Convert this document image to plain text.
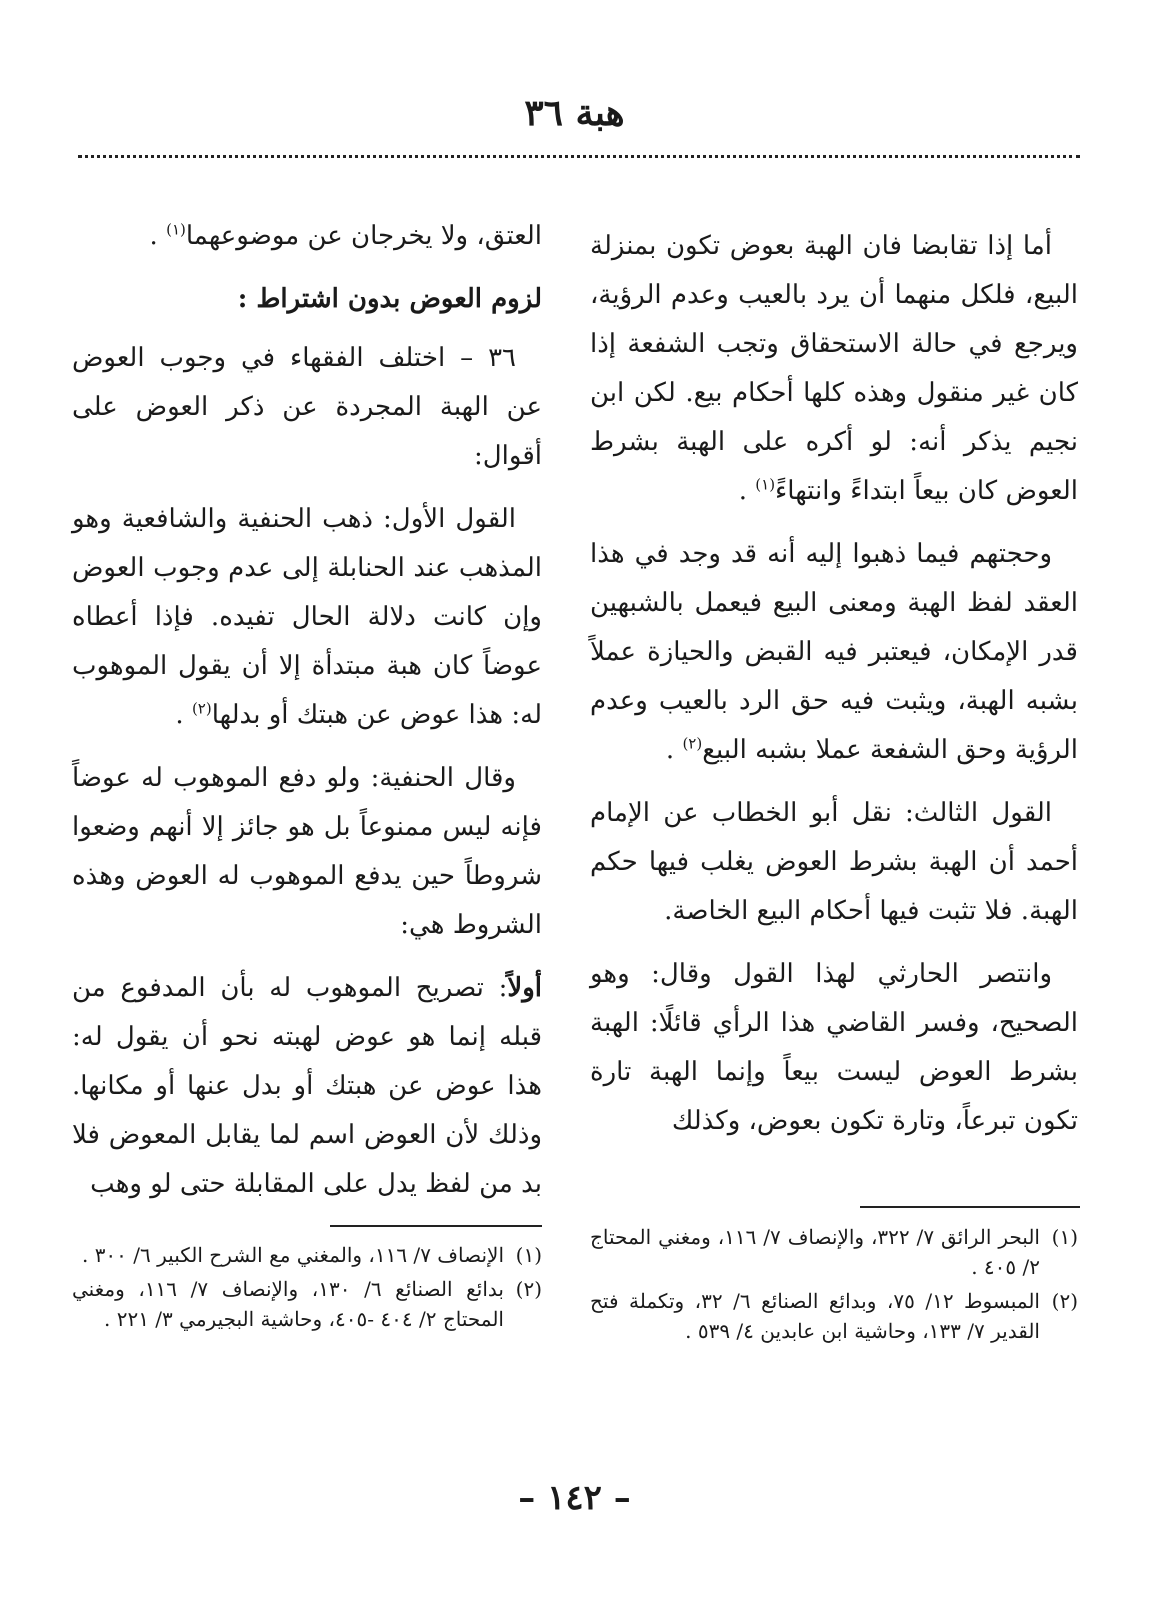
هبة ٣٦

أما إذا تقابضا فان الهبة بعوض تكون بمنزلة البيع، فلكل منهما أن يرد بالعيب وعدم الرؤية، ويرجع في حالة الاستحقاق وتجب الشفعة إذا كان غير منقول وهذه كلها أحكام بيع. لكن ابن نجيم يذكر أنه: لو أكره على الهبة بشرط العوض كان بيعاً ابتداءً وانتهاءً$^{(١)}$ .

وحجتهم فيما ذهبوا إليه أنه قد وجد في هذا العقد لفظ الهبة ومعنى البيع فيعمل بالشبهين قدر الإمكان، فيعتبر فيه القبض والحيازة عملاً بشبه الهبة، ويثبت فيه حق الرد بالعيب وعدم الرؤية وحق الشفعة عملا بشبه البيع$^{(٢)}$ .

القول الثالث: نقل أبو الخطاب عن الإمام أحمد أن الهبة بشرط العوض يغلب فيها حكم الهبة. فلا تثبت فيها أحكام البيع الخاصة.

وانتصر الحارثي لهذا القول وقال: وهو الصحيح، وفسر القاضي هذا الرأي قائلًا: الهبة بشرط العوض ليست بيعاً وإنما الهبة تارة تكون تبرعاً، وتارة تكون بعوض، وكذلك

(١)
البحر الرائق ٧/ ٣٢٢، والإنصاف ٧/ ١١٦، ومغني المحتاج ٢/ ٤٠٥ .
(٢)
المبسوط ١٢/ ٧٥، وبدائع الصنائع ٦/ ٣٢، وتكملة فتح القدير ٧/ ١٣٣، وحاشية ابن عابدين ٤/ ٥٣٩ .

العتق، ولا يخرجان عن موضوعهما$^{(١)}$ .

لزوم العوض بدون اشتراط :

٣٦ – اختلف الفقهاء في وجوب العوض عن الهبة المجردة عن ذكر العوض على أقوال:

القول الأول: ذهب الحنفية والشافعية وهو المذهب عند الحنابلة إلى عدم وجوب العوض وإن كانت دلالة الحال تفيده. فإذا أعطاه عوضاً كان هبة مبتدأة إلا أن يقول الموهوب له: هذا عوض عن هبتك أو بدلها$^{(٢)}$ .

وقال الحنفية: ولو دفع الموهوب له عوضاً فإنه ليس ممنوعاً بل هو جائز إلا أنهم وضعوا شروطاً حين يدفع الموهوب له العوض وهذه الشروط هي:

أولاً: تصريح الموهوب له بأن المدفوع من قبله إنما هو عوض لهبته نحو أن يقول له: هذا عوض عن هبتك أو بدل عنها أو مكانها. وذلك لأن العوض اسم لما يقابل المعوض فلا بد من لفظ يدل على المقابلة حتى لو وهب

(١)
الإنصاف ٧/ ١١٦، والمغني مع الشرح الكبير ٦/ ٣٠٠ .
(٢)
بدائع الصنائع ٦/ ١٣٠، والإنصاف ٧/ ١١٦، ومغني المحتاج ٢/ ٤٠٤ -٤٠٥، وحاشية البجيرمي ٣/ ٢٢١ .
– ١٤٢ –
